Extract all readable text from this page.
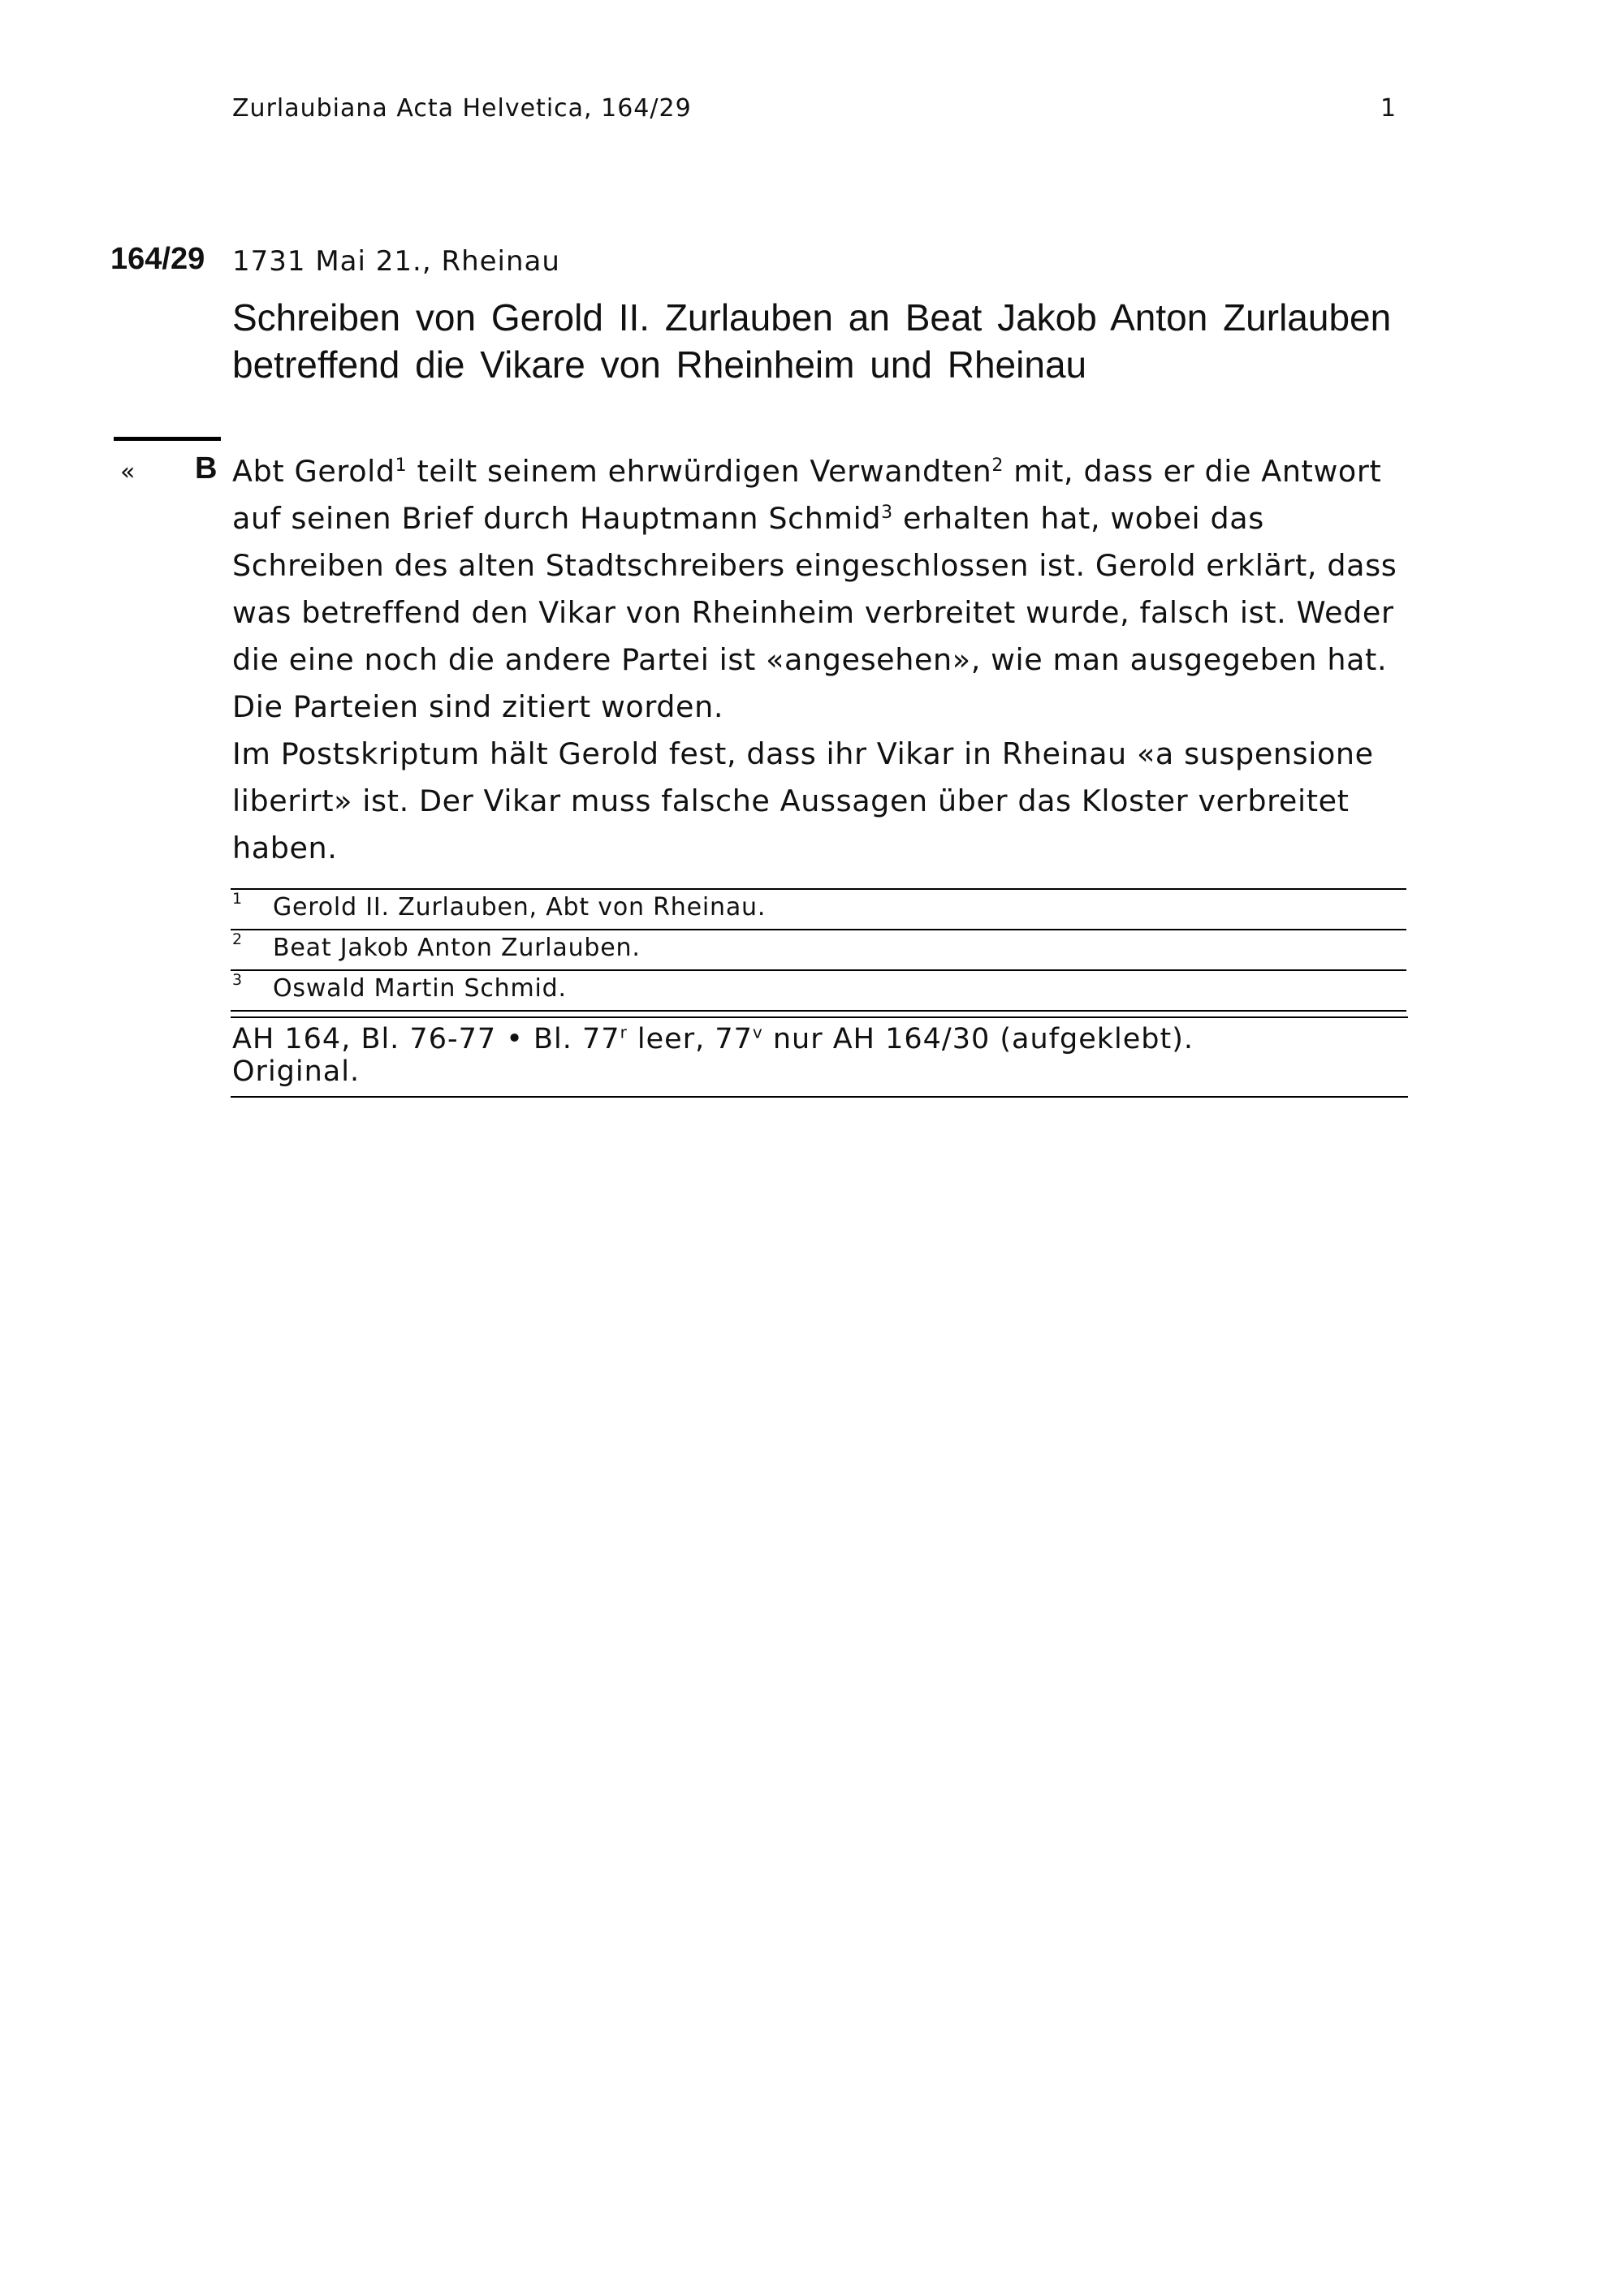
Zurlaubiana Acta Helvetica, 164/29	1
164/29 1731 Mai 21., Rheinau
Schreiben von Gerold II. Zurlauben an Beat Jakob Anton Zurlauben betreffend die Vikare von Rheinheim und Rheinau
« B Abt Gerold$^1$ teilt seinem ehrwürdigen Verwandten$^2$ mit, dass er die Antwort auf seinen Brief durch Hauptmann Schmid$^3$ erhalten hat, wobei das Schreiben des alten Stadtschreibers eingeschlossen ist. Gerold erklärt, dass was betreffend den Vikar von Rheinheim verbreitet wurde, falsch ist. Weder die eine noch die andere Partei ist «angesehen», wie man ausgegeben hat. Die Parteien sind zitiert worden.

Im Postskriptum hält Gerold fest, dass ihr Vikar in Rheinau «a suspensione liberirt» ist. Der Vikar muss falsche Aussagen über das Kloster verbreitet haben.

1 Gerold II. Zurlauben, Abt von Rheinau.
2 Beat Jakob Anton Zurlauben.
3 Oswald Martin Schmid.
AH 164, Bl. 76-77 • Bl. 77$^r$ leer, 77$^v$ nur AH 164/30 (aufgeklebt).
Original.
